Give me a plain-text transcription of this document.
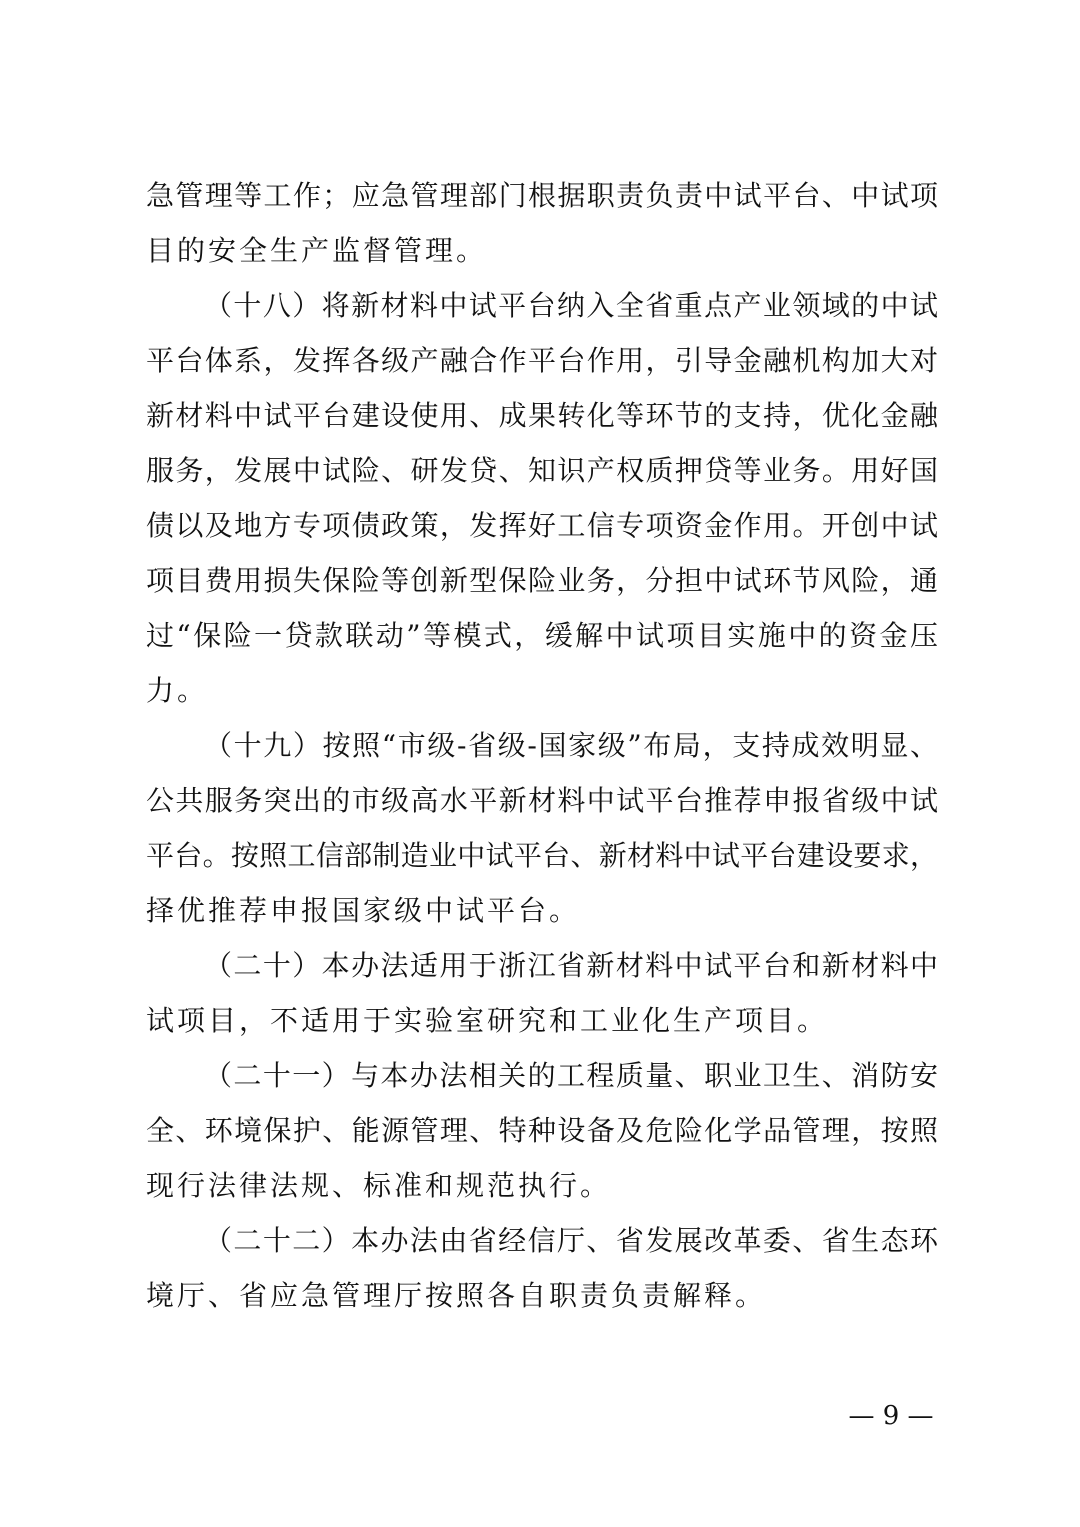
急管理等工作；应急管理部门根据职责负责中试平台、中试项
目的安全生产监督管理。
（十八）将新材料中试平台纳入全省重点产业领域的中试
平台体系，发挥各级产融合作平台作用，引导金融机构加大对
新材料中试平台建设使用、成果转化等环节的支持，优化金融
服务，发展中试险、研发贷、知识产权质押贷等业务。用好国
债以及地方专项债政策，发挥好工信专项资金作用。开创中试
项目费用损失保险等创新型保险业务，分担中试环节风险，通
过“保险一贷款联动”等模式，缓解中试项目实施中的资金压
力。
（十九）按照“市级-省级-国家级”布局，支持成效明显、
公共服务突出的市级高水平新材料中试平台推荐申报省级中试
平台。按照工信部制造业中试平台、新材料中试平台建设要求，
择优推荐申报国家级中试平台。
（二十）本办法适用于浙江省新材料中试平台和新材料中
试项目，不适用于实验室研究和工业化生产项目。
（二十一）与本办法相关的工程质量、职业卫生、消防安
全、环境保护、能源管理、特种设备及危险化学品管理，按照
现行法律法规、标准和规范执行。
（二十二）本办法由省经信厅、省发展改革委、省生态环
境厅、省应急管理厅按照各自职责负责解释。
— 9 —
